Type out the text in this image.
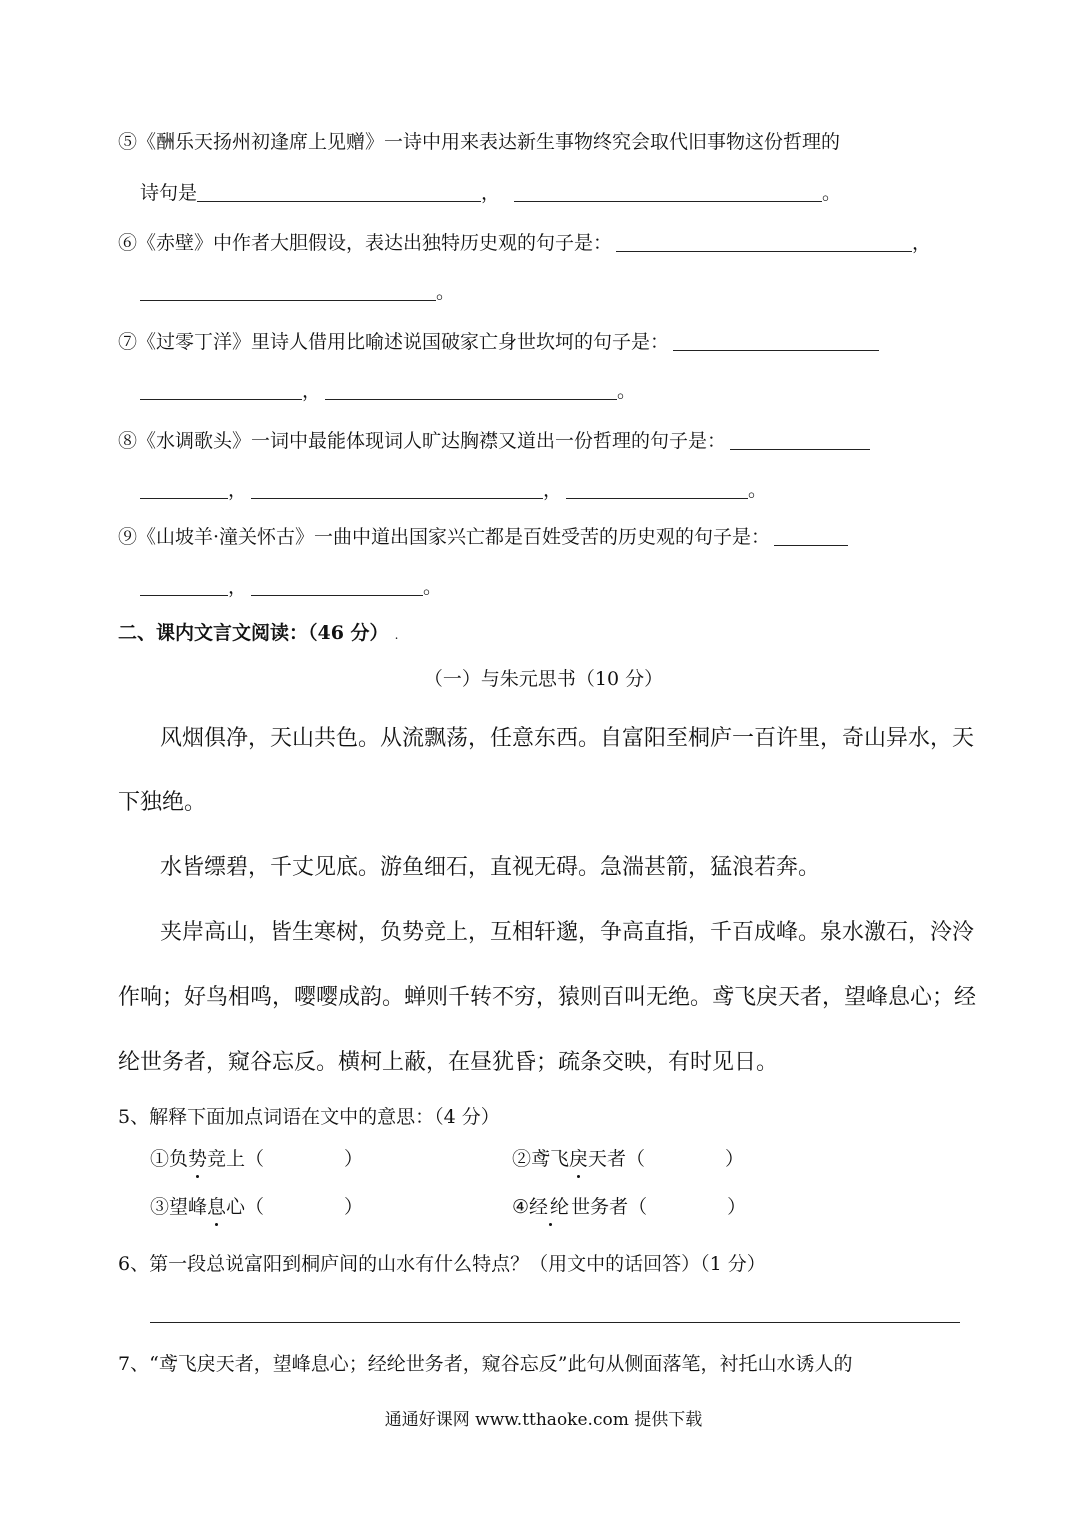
⑤《酬乐天扬州初逢席上见赠》一诗中用来表达新生事物终究会取代旧事物这份哲理的
诗句是	，	。
⑥《赤壁》中作者大胆假设，表达出独特历史观的句子是：	，
。
⑦《过零丁洋》里诗人借用比喻述说国破家亡身世坎坷的句子是：
，	。
⑧《水调歌头》一词中最能体现词人旷达胸襟又道出一份哲理的句子是：
，	，	。
⑨《山坡羊·潼关怀古》一曲中道出国家兴亡都是百姓受苦的历史观的句子是：
，	。
二、课内文言文阅读：（46 分） .
（一）与朱元思书（10 分）
风烟俱净，天山共色。从流飘荡，任意东西。自富阳至桐庐一百许里，奇山异水，天
下独绝。
水皆缥碧，千丈见底。游鱼细石，直视无碍。急湍甚箭，猛浪若奔。
夹岸高山，皆生寒树，负势竞上，互相轩邈，争高直指，千百成峰。泉水激石，泠泠
作响；好鸟相鸣，嘤嘤成韵。蝉则千转不穷，猿则百叫无绝。鸢飞戾天者，望峰息心；经
纶世务者，窥谷忘反。横柯上蔽，在昼犹昏；疏条交映，有时见日。
5、解释下面加点词语在文中的意思：（4 分）
①负势竞上（	）	②鸢飞戾天者（	）
③望峰息心（	）	④经纶世务者（	）
6、第一段总说富阳到桐庐间的山水有什么特点？（用文中的话回答）（1 分）
7、“鸢飞戾天者，望峰息心；经纶世务者，窥谷忘反”此句从侧面落笔，衬托山水诱人的
通通好课网 www.tthaoke.com 提供下载
